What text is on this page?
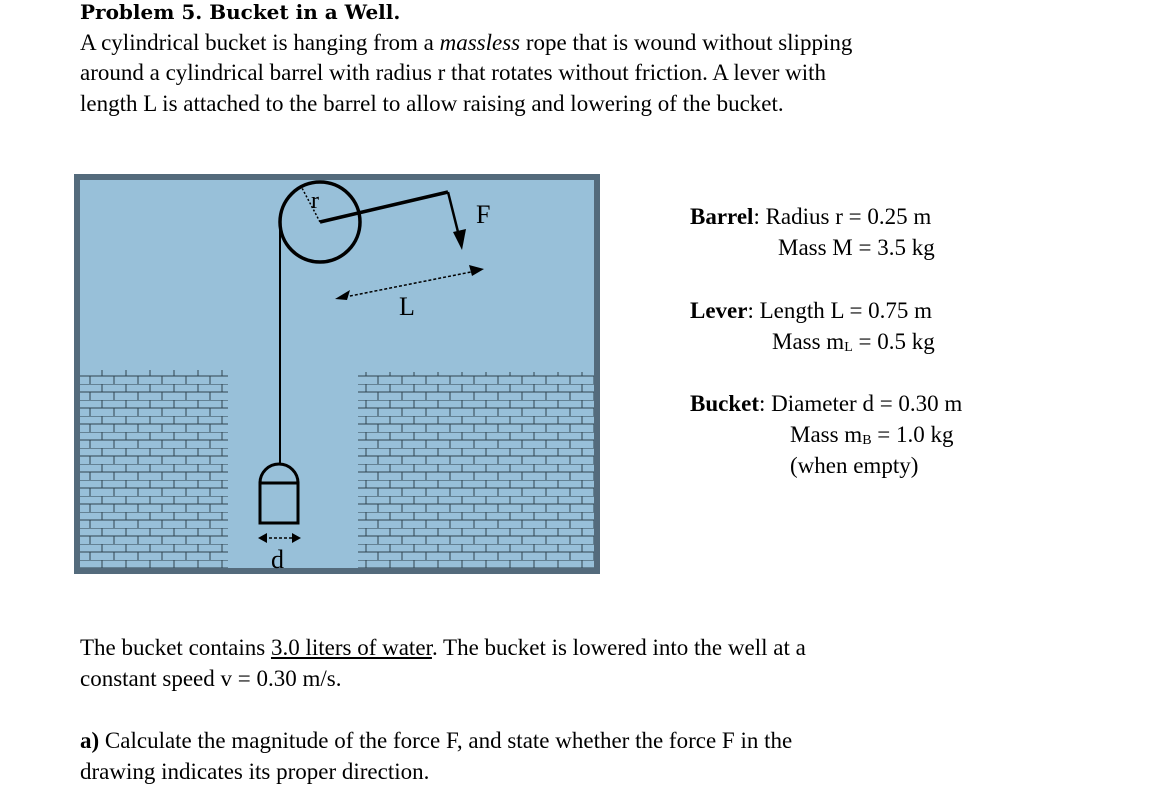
Problem 5. Bucket in a Well.
A cylindrical bucket is hanging from a massless rope that is wound without slipping
around a cylindrical barrel with radius r that rotates without friction. A lever with
length L is attached to the barrel to allow raising and lowering of the bucket.
r	F
L
d
Barrel: Radius r = 0.25 m
Mass M = 3.5 kg
Lever: Length L = 0.75 m
Mass $m_L = 0.5$ kg
Bucket: Diameter d = 0.30 m
Mass $m_B = 1.0$ kg
(when empty)
The bucket contains 3.0 liters of water. The bucket is lowered into the well at a
constant speed v = 0.30 m/s.
a) Calculate the magnitude of the force F, and state whether the force F in the
drawing indicates its proper direction.
